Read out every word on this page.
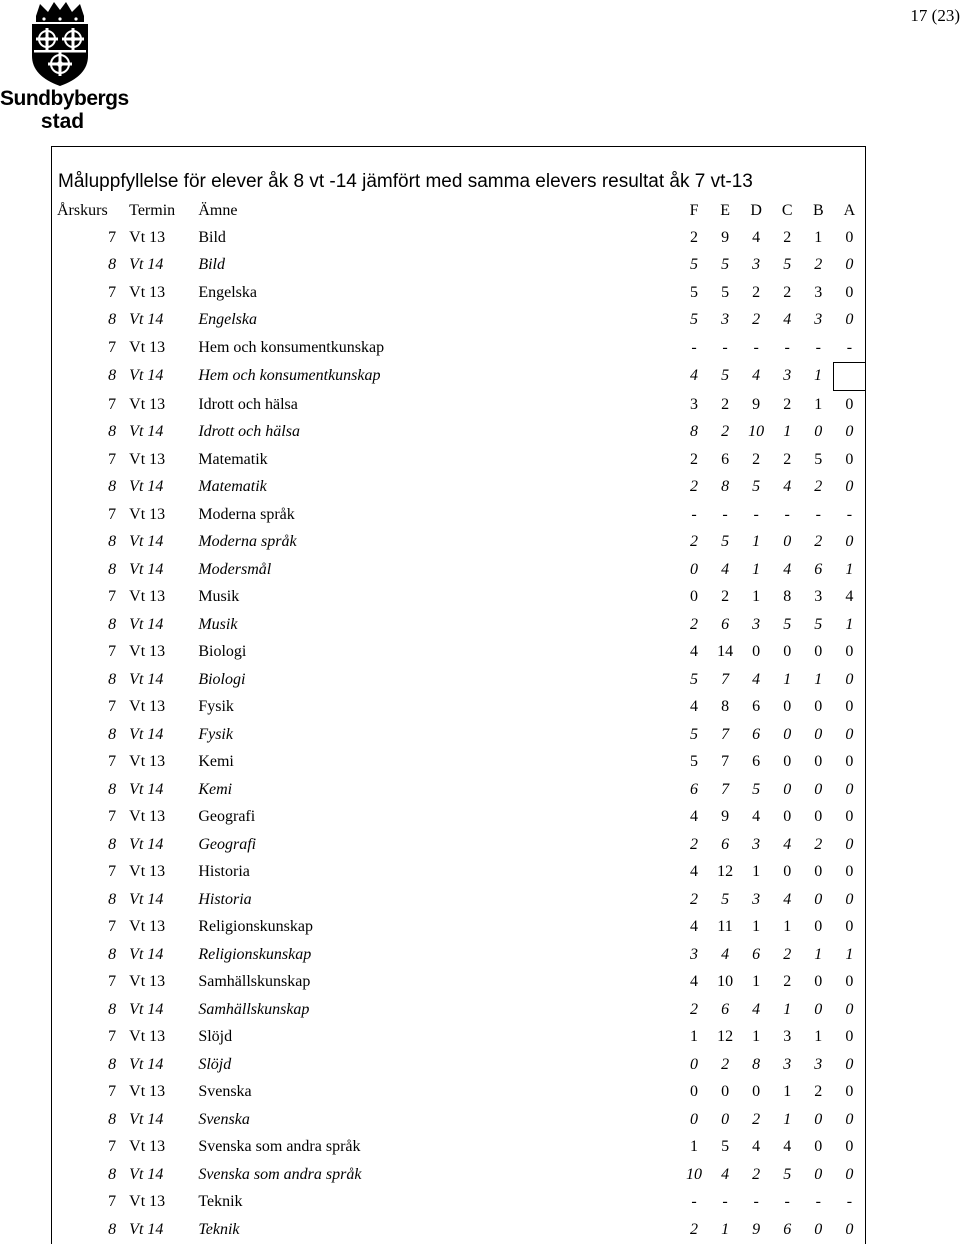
Sundbybergs
stad
17 (23)
Måluppfyllelse för elever åk 8 vt -14 jämfört med samma elevers resultat åk 7 vt-13
Årskurs	Termin	Ämne	F	E	D	C	B	A
7	Vt 13	Bild	2	9	4	2	1	0
8	Vt 14	Bild	5	5	3	5	2	0
7	Vt 13	Engelska	5	5	2	2	3	0
8	Vt 14	Engelska	5	3	2	4	3	0
7	Vt 13	Hem och konsumentkunskap	-	-	-	-	-	-
8	Vt 14	Hem och konsumentkunskap	4	5	4	3	1	
7	Vt 13	Idrott och hälsa	3	2	9	2	1	0
8	Vt 14	Idrott och hälsa	8	2	10	1	0	0
7	Vt 13	Matematik	2	6	2	2	5	0
8	Vt 14	Matematik	2	8	5	4	2	0
7	Vt 13	Moderna språk	-	-	-	-	-	-
8	Vt 14	Moderna språk	2	5	1	0	2	0
8	Vt 14	Modersmål	0	4	1	4	6	1
7	Vt 13	Musik	0	2	1	8	3	4
8	Vt 14	Musik	2	6	3	5	5	1
7	Vt 13	Biologi	4	14	0	0	0	0
8	Vt 14	Biologi	5	7	4	1	1	0
7	Vt 13	Fysik	4	8	6	0	0	0
8	Vt 14	Fysik	5	7	6	0	0	0
7	Vt 13	Kemi	5	7	6	0	0	0
8	Vt 14	Kemi	6	7	5	0	0	0
7	Vt 13	Geografi	4	9	4	0	0	0
8	Vt 14	Geografi	2	6	3	4	2	0
7	Vt 13	Historia	4	12	1	0	0	0
8	Vt 14	Historia	2	5	3	4	0	0
7	Vt 13	Religionskunskap	4	11	1	1	0	0
8	Vt 14	Religionskunskap	3	4	6	2	1	1
7	Vt 13	Samhällskunskap	4	10	1	2	0	0
8	Vt 14	Samhällskunskap	2	6	4	1	0	0
7	Vt 13	Slöjd	1	12	1	3	1	0
8	Vt 14	Slöjd	0	2	8	3	3	0
7	Vt 13	Svenska	0	0	0	1	2	0
8	Vt 14	Svenska	0	0	2	1	0	0
7	Vt 13	Svenska som andra språk	1	5	4	4	0	0
8	Vt 14	Svenska som andra språk	10	4	2	5	0	0
7	Vt 13	Teknik	-	-	-	-	-	-
8	Vt 14	Teknik	2	1	9	6	0	0
